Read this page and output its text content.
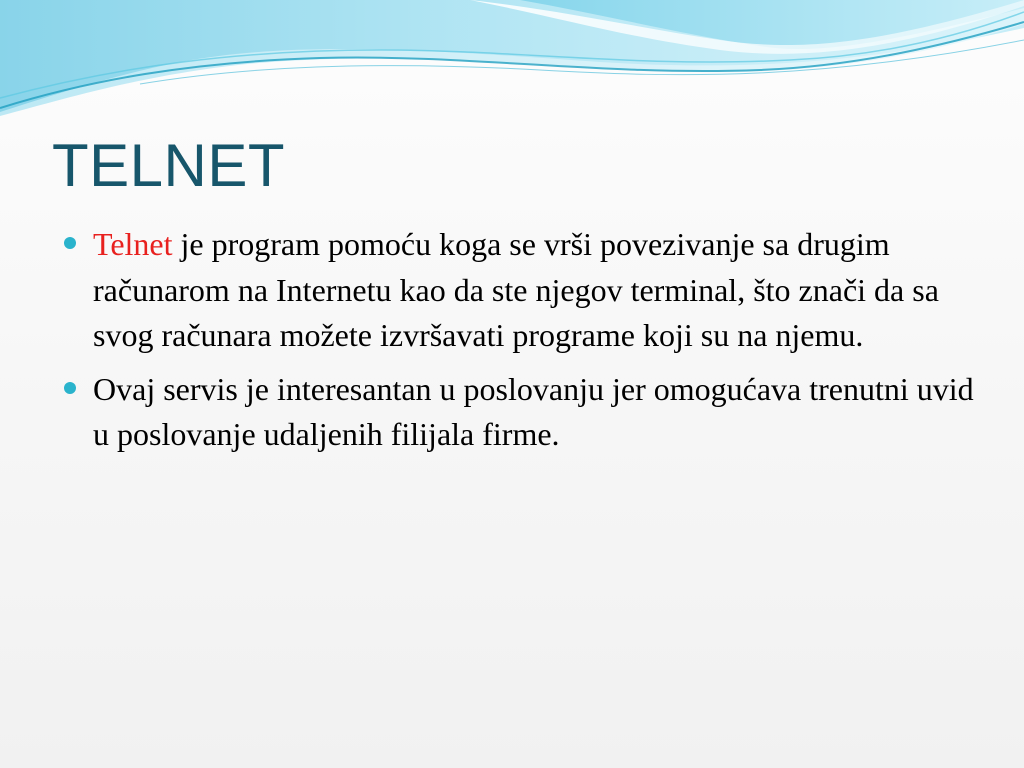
TELNET
Telnet je program pomoću koga se vrši povezivanje sa drugim računarom na Internetu kao da ste njegov terminal, što znači da sa svog računara možete izvršavati programe koji su na njemu.
Ovaj servis je interesantan u poslovanju jer omogućava trenutni uvid u poslovanje udaljenih filijala firme.
